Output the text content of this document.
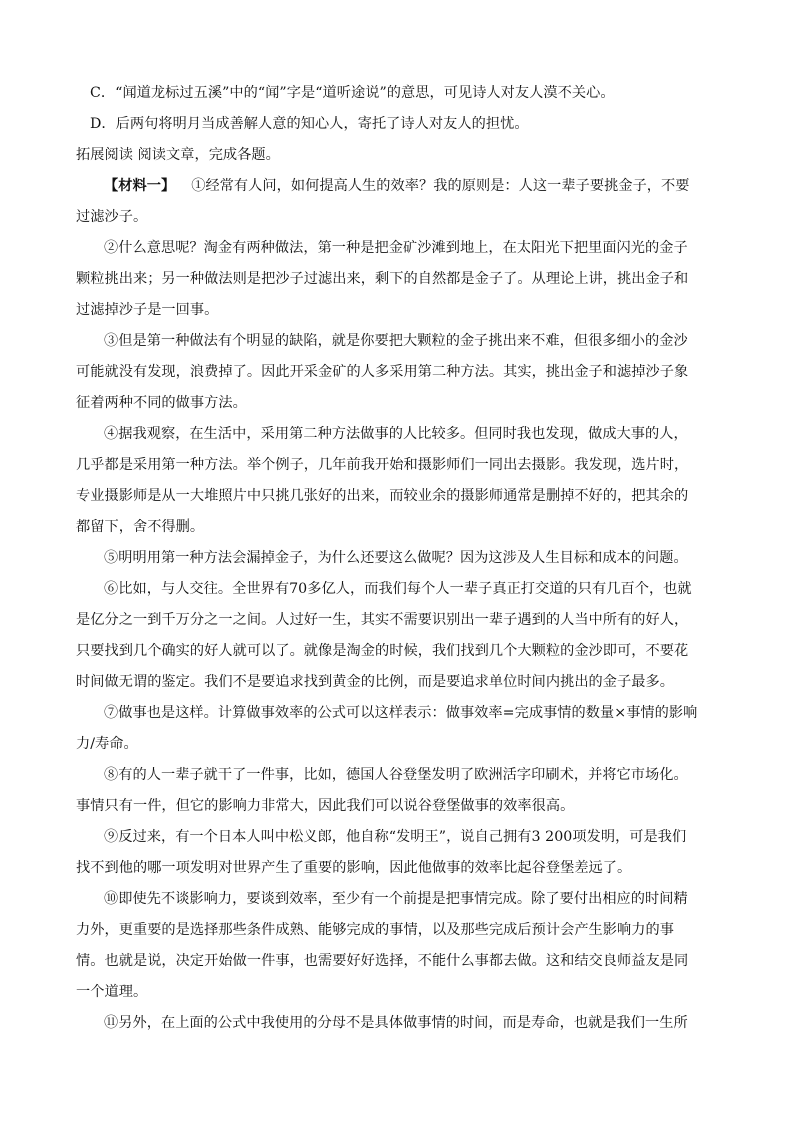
C．“闻道龙标过五溪”中的“闻”字是“道听途说”的意思，可见诗人对友人漠不关心。
D．后两句将明月当成善解人意的知心人，寄托了诗人对友人的担忧。
拓展阅读 阅读文章，完成各题。
【材料一】 ①经常有人问，如何提高人生的效率？我的原则是：人这一辈子要挑金子，不要
过滤沙子。
②什么意思呢？淘金有两种做法，第一种是把金矿沙滩到地上，在太阳光下把里面闪光的金子
颗粒挑出来；另一种做法则是把沙子过滤出来，剩下的自然都是金子了。从理论上讲，挑出金子和
过滤掉沙子是一回事。
③但是第一种做法有个明显的缺陷，就是你要把大颗粒的金子挑出来不难，但很多细小的金沙
可能就没有发现，浪费掉了。因此开采金矿的人多采用第二种方法。其实，挑出金子和滤掉沙子象
征着两种不同的做事方法。
④据我观察，在生活中，采用第二种方法做事的人比较多。但同时我也发现，做成大事的人，
几乎都是采用第一种方法。举个例子，几年前我开始和摄影师们一同出去摄影。我发现，选片时，
专业摄影师是从一大堆照片中只挑几张好的出来，而较业余的摄影师通常是删掉不好的，把其余的
都留下，舍不得删。
⑤明明用第一种方法会漏掉金子，为什么还要这么做呢？因为这涉及人生目标和成本的问题。
⑥比如，与人交往。全世界有70多亿人，而我们每个人一辈子真正打交道的只有几百个，也就
是亿分之一到千万分之一之间。人过好一生，其实不需要识别出一辈子遇到的人当中所有的好人，
只要找到几个确实的好人就可以了。就像是淘金的时候，我们找到几个大颗粒的金沙即可，不要花
时间做无谓的鉴定。我们不是要追求找到黄金的比例，而是要追求单位时间内挑出的金子最多。
⑦做事也是这样。计算做事效率的公式可以这样表示：做事效率=完成事情的数量×事情的影响
力/寿命。
⑧有的人一辈子就干了一件事，比如，德国人谷登堡发明了欧洲活字印刷术，并将它市场化。
事情只有一件，但它的影响力非常大，因此我们可以说谷登堡做事的效率很高。
⑨反过来，有一个日本人叫中松义郎，他自称“发明王”，说自己拥有3 200项发明，可是我们
找不到他的哪一项发明对世界产生了重要的影响，因此他做事的效率比起谷登堡差远了。
⑩即使先不谈影响力，要谈到效率，至少有一个前提是把事情完成。除了要付出相应的时间精
力外，更重要的是选择那些条件成熟、能够完成的事情，以及那些完成后预计会产生影响力的事
情。也就是说，决定开始做一件事，也需要好好选择，不能什么事都去做。这和结交良师益友是同
一个道理。
⑪另外，在上面的公式中我使用的分母不是具体做事情的时间，而是寿命，也就是我们一生所
